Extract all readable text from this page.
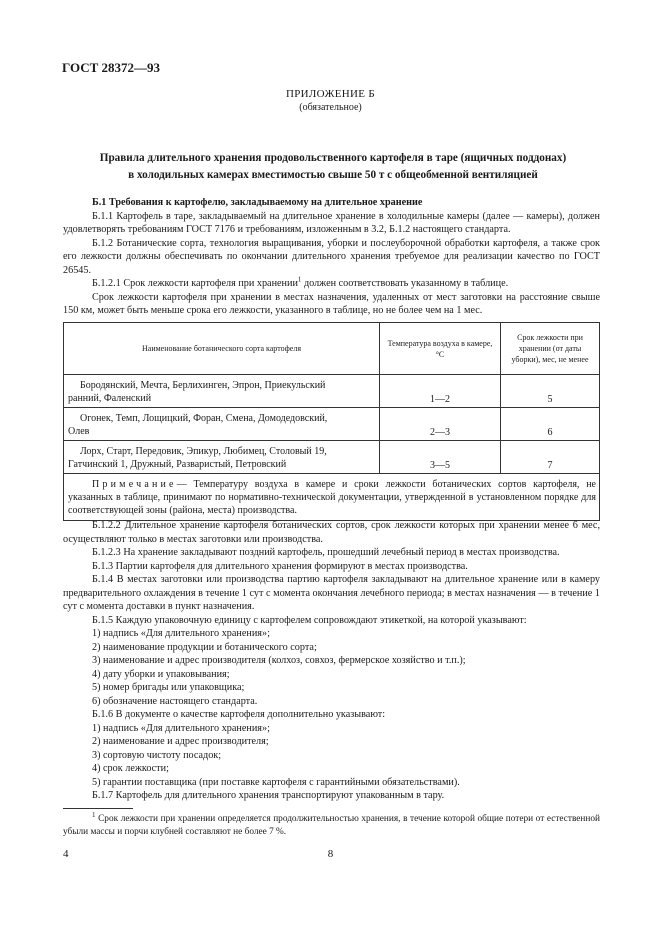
ГОСТ 28372—93
ПРИЛОЖЕНИЕ Б
(обязательное)
Правила длительного хранения продовольственного картофеля в таре (ящичных поддонах)
в холодильных камерах вместимостью свыше 50 т с общеобменной вентиляцией

Б.1 Требования к картофелю, закладываемому на длительное хранение

Б.1.1 Картофель в таре, закладываемый на длительное хранение в холодильные камеры (далее — камеры), должен удовлетворять требованиям ГОСТ 7176 и требованиям, изложенным в 3.2, Б.1.2 настоящего стандарта.

Б.1.2 Ботанические сорта, технология выращивания, уборки и послеуборочной обработки картофеля, а также срок его лежкости должны обеспечивать по окончании длительного хранения требуемое для реализации качество по ГОСТ 26545.

Б.1.2.1 Срок лежкости картофеля при хранении$^1$ должен соответствовать указанному в таблице.

Срок лежкости картофеля при хранении в местах назначения, удаленных от мест заготовки на расстояние свыше 150 км, может быть меньше срока его лежкости, указанного в таблице, но не более чем на 1 мес.

Наименование ботанического сорта картофеля	Температура воздуха в камере, °С	Срок лежкости при хранении (от даты уборки), мес, не менее

Бородянский, Мечта, Берлихинген, Эпрон, Приекульский
ранний, Фаленский	1—2	5

Огонек, Темп, Лощицкий, Форан, Смена, Домодедовский,
Олев	2—3	6

Лорх, Старт, Передовик, Эпикур, Любимец, Столовый 19,
Гатчинский 1, Дружный, Разваристый, Петровский	3—5	7
Примечание— Температуру воздуха в камере и сроки лежкости ботанических сортов картофеля, не указанных в таблице, принимают по нормативно-технической документации, утвержденной в установленном порядке для соответствующей зоны (района, места) производства.		

Б.1.2.2 Длительное хранение картофеля ботанических сортов, срок лежкости которых при хранении менее 6 мес, осуществляют только в местах заготовки или производства.

Б.1.2.3 На хранение закладывают поздний картофель, прошедший лечебный период в местах производства.

Б.1.3 Партии картофеля для длительного хранения формируют в местах производства.

Б.1.4 В местах заготовки или производства партию картофеля закладывают на длительное хранение или в камеру предварительного охлаждения в течение 1 сут с момента окончания лечебного периода; в местах назначения — в течение 1 сут с момента доставки в пункт назначения.

Б.1.5 Каждую упаковочную единицу с картофелем сопровождают этикеткой, на которой указывают:

1) надпись «Для длительного хранения»;

2) наименование продукции и ботанического сорта;

3) наименование и адрес производителя (колхоз, совхоз, фермерское хозяйство и т.п.);

4) дату уборки и упаковывания;

5) номер бригады или упаковщика;

6) обозначение настоящего стандарта.

Б.1.6 В документе о качестве картофеля дополнительно указывают:

1) надпись «Для длительного хранения»;

2) наименование и адрес производителя;

3) сортовую чистоту посадок;

4) срок лежкости;

5) гарантии поставщика (при поставке картофеля с гарантийными обязательствами).

Б.1.7 Картофель для длительного хранения транспортируют упакованным в тару.

$^1$ Срок лежкости при хранении определяется продолжительностью хранения, в течение которой общие потери от естественной убыли массы и порчи клубней составляют не более 7 %.
4	8
